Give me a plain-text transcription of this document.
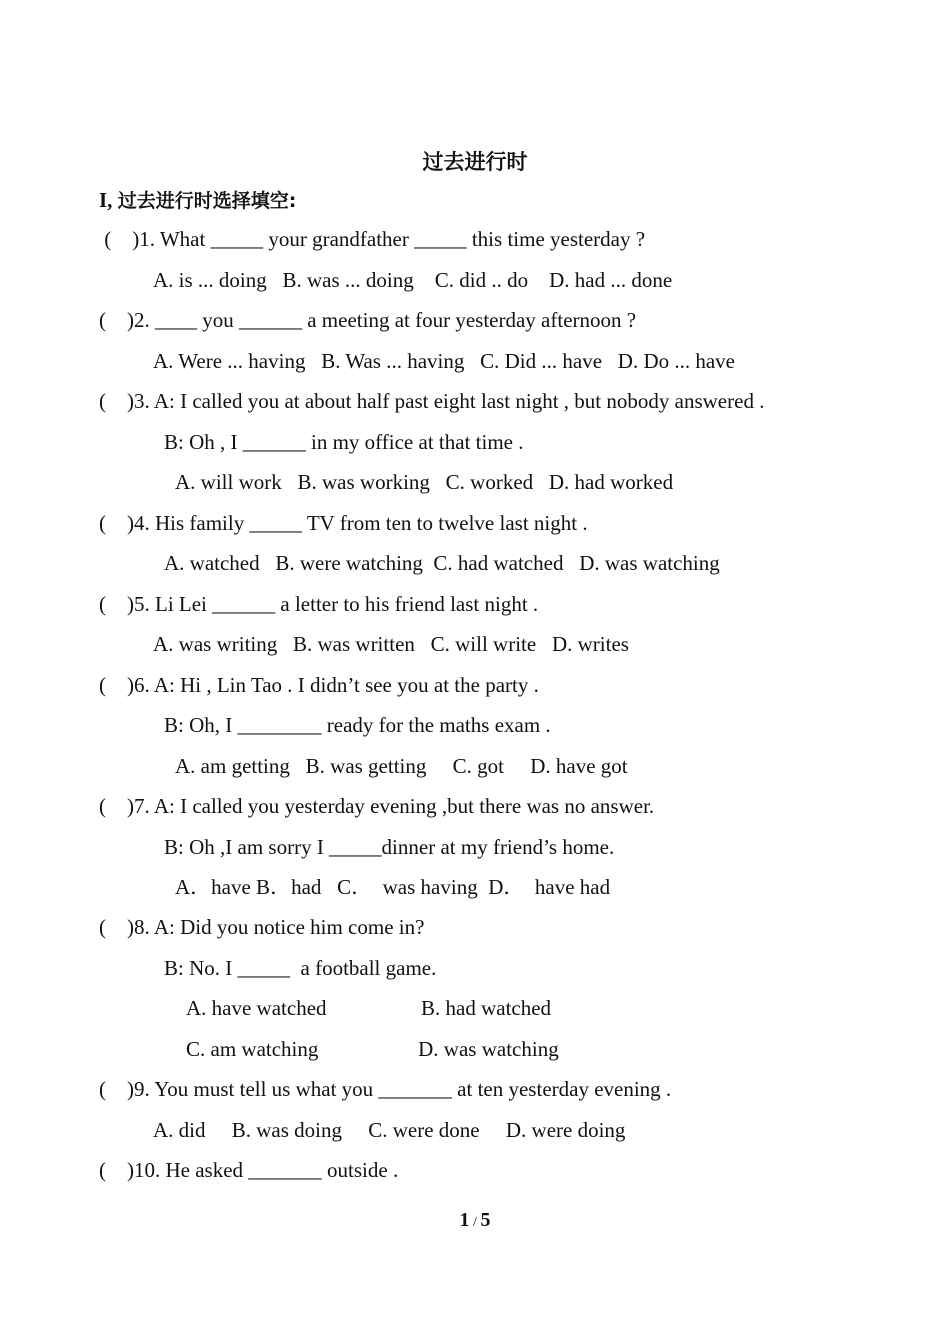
过去进行时
I, 过去进行时选择填空:
(    )1. What _____ your grandfather _____ this time yesterday ?
A. is ... doing   B. was ... doing    C. did .. do    D. had ... done
(    )2. ____ you ______ a meeting at four yesterday afternoon ?
A. Were ... having   B. Was ... having   C. Did ... have   D. Do ... have
(    )3. A: I called you at about half past eight last night , but nobody answered .
B: Oh , I ______ in my office at that time .
A. will work   B. was working   C. worked   D. had worked
(    )4. His family _____ TV from ten to twelve last night .
A. watched   B. were watching  C. had watched   D. was watching
(    )5. Li Lei ______ a letter to his friend last night .
A. was writing   B. was written   C. will write   D. writes
(    )6. A: Hi , Lin Tao . I didn’t see you at the party .
B: Oh, I ________ ready for the maths exam .
A. am getting   B. was getting     C. got     D. have got
(    )7. A: I called you yesterday evening ,but there was no answer.
B: Oh ,I am sorry I _____dinner at my friend’s home.
A．have B．had   C．  was having  D．  have had
(    )8. A: Did you notice him come in?
B: No. I _____  a football game.
A. have watched                  B. had watched
C. am watching                   D. was watching
(    )9. You must tell us what you _______ at ten yesterday evening .
A. did     B. was doing     C. were done     D. were doing
(    )10. He asked _______ outside .
1 / 5
